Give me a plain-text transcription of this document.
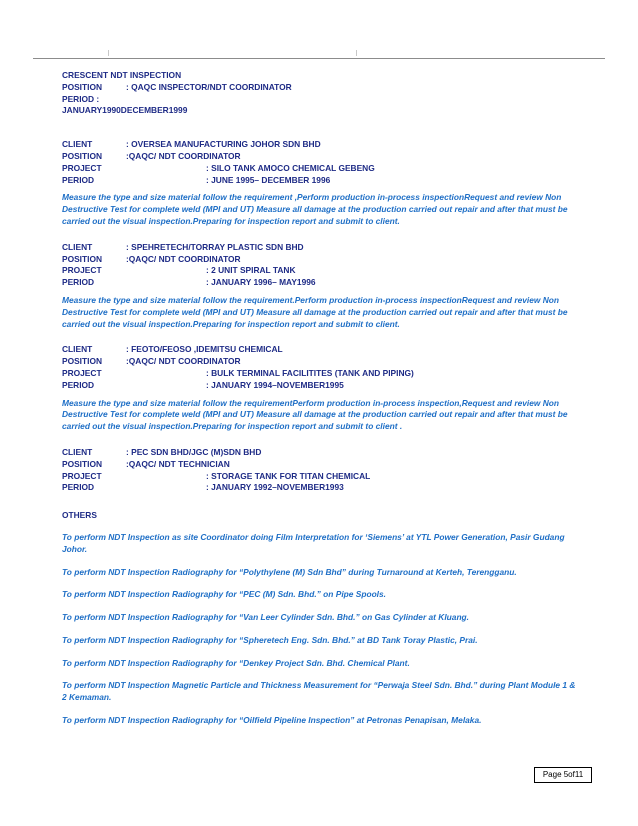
CRESCENT NDT INSPECTION
POSITION	: QAQC INSPECTOR/NDT COORDINATOR
PERIOD :
JANUARY1990DECEMBER1999
CLIENT	: OVERSEA MANUFACTURING JOHOR SDN BHD
POSITION	:QAQC/ NDT COORDINATOR
PROJECT	: SILO TANK AMOCO CHEMICAL GEBENG
PERIOD	: JUNE 1995– DECEMBER 1996
Measure the type and size material follow the requirement ,Perform production in-process inspectionRequest and review Non Destructive Test for complete weld (MPI and UT) Measure all damage at the production carried out repair and after that must be carried out the visual inspection.Preparing for inspection report and submit to client.
CLIENT	: SPEHRETECH/TORRAY PLASTIC SDN BHD
POSITION	:QAQC/ NDT COORDINATOR
PROJECT	: 2 UNIT SPIRAL TANK
PERIOD	: JANUARY 1996– MAY1996
Measure the type and size material follow the requirement.Perform production in-process inspectionRequest and review Non Destructive Test for complete weld (MPI and UT) Measure all damage at the production carried out repair and after that must be carried out the visual inspection.Preparing for inspection report and submit to client.
CLIENT	: FEOTO/FEOSO ,IDEMITSU CHEMICAL
POSITION	:QAQC/ NDT COORDINATOR
PROJECT	: BULK TERMINAL FACILITITES (TANK AND PIPING)
PERIOD	: JANUARY 1994–NOVEMBER1995
Measure the type and size material follow the requirementPerform production in-process inspection,Request and review Non Destructive Test for complete weld (MPI and UT) Measure all damage at the production carried out repair and after that must be carried out the visual inspection.Preparing for inspection report and submit to client .
CLIENT	: PEC SDN BHD/JGC (M)SDN BHD
POSITION	:QAQC/ NDT TECHNICIAN
PROJECT	: STORAGE TANK FOR TITAN CHEMICAL
PERIOD	: JANUARY 1992–NOVEMBER1993
OTHERS
To perform NDT Inspection as site Coordinator doing Film Interpretation for ‘Siemens’ at YTL Power Generation, Pasir Gudang Johor.
To perform NDT Inspection Radiography for “Polythylene (M) Sdn Bhd” during Turnaround at Kerteh, Terengganu.
To perform NDT Inspection Radiography for “PEC (M) Sdn. Bhd.” on Pipe Spools.
To perform NDT Inspection Radiography for “Van Leer Cylinder Sdn. Bhd.” on Gas Cylinder at Kluang.
To perform NDT Inspection Radiography for “Spheretech Eng. Sdn. Bhd.” at BD Tank Toray Plastic, Prai.
To perform NDT Inspection Radiography for “Denkey Project Sdn. Bhd. Chemical Plant.
To perform NDT Inspection Magnetic Particle and Thickness Measurement for “Perwaja Steel Sdn. Bhd.” during Plant Module 1 & 2 Kemaman.
To perform NDT Inspection Radiography for “Oilfield Pipeline Inspection” at Petronas Penapisan, Melaka.
Page 5of11
